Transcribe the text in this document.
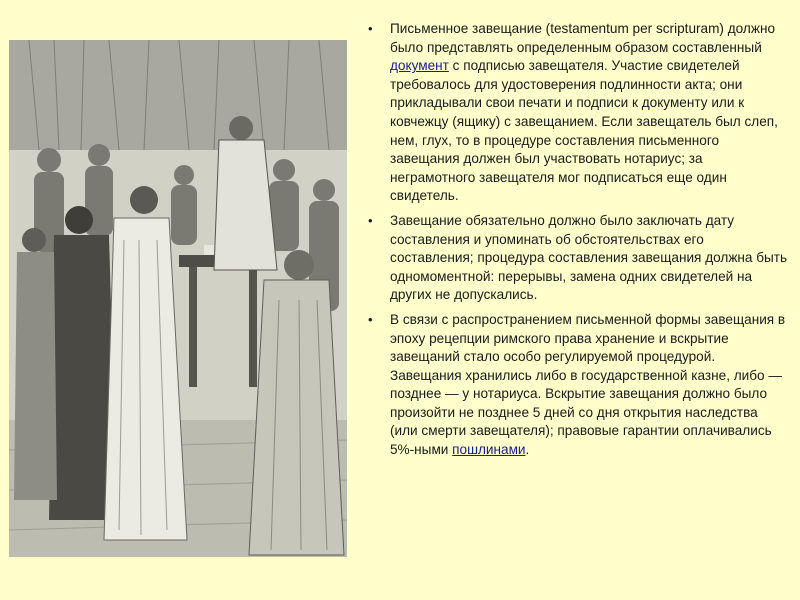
• Письменное завещание (testamentum per scripturam) должно было представлять определенным образом составленный документ с подписью завещателя. Участие свидетелей требовалось для удостоверения подлинности акта; они прикладывали свои печати и подписи к документу или к ковчежцу (ящику) с завещанием. Если завещатель был слеп, нем, глух, то в процедуре составления письменного завещания должен был участвовать нотариус; за неграмотного завещателя мог подписаться еще один свидетель.
• Завещание обязательно должно было заключать дату составления и упоминать об обстоятельствах его составления; процедура составления завещания должна быть одномоментной: перерывы, замена одних свидетелей на других не допускались.
• В связи с распространением письменной формы завещания в эпоху рецепции римского права хранение и вскрытие завещаний стало особо регулируемой процедурой. Завещания хранились либо в государственной казне, либо — позднее — у нотариуса. Вскрытие завещания должно было произойти не позднее 5 дней со дня открытия наследства (или смерти завещателя); правовые гарантии оплачивались 5%-ными пошлинами.
